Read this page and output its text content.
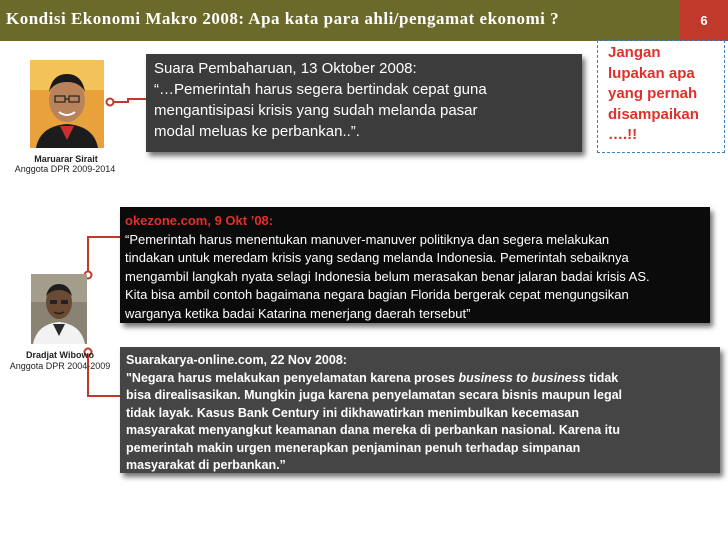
Kondisi Ekonomi Makro 2008: Apa kata para ahli/pengamat ekonomi ?	6
Maruarar Sirait
Anggota DPR 2009-2014
Dradjat Wibowo
Anggota DPR 2004-2009
Suara Pembaharuan, 13 Oktober 2008:
“…Pemerintah harus segera bertindak cepat guna
mengantisipasi krisis yang sudah melanda pasar
modal meluas ke perbankan..”.
okezone.com, 9 Okt ’08:
“Pemerintah harus menentukan manuver-manuver politiknya dan segera melakukan
tindakan untuk meredam krisis yang sedang melanda Indonesia. Pemerintah sebaiknya
mengambil langkah nyata selagi Indonesia belum merasakan benar jalaran badai krisis AS.
Kita bisa ambil contoh bagaimana negara bagian Florida bergerak cepat mengungsikan
warganya ketika badai Katarina menerjang daerah tersebut”
Suarakarya-online.com, 22 Nov 2008:
"Negara harus melakukan penyelamatan karena proses business to business tidak
bisa direalisasikan. Mungkin juga karena penyelamatan secara bisnis maupun legal
tidak layak. Kasus Bank Century ini dikhawatirkan menimbulkan kecemasan
masyarakat menyangkut keamanan dana mereka di perbankan nasional. Karena itu
pemerintah makin urgen menerapkan penjaminan penuh terhadap simpanan
masyarakat di perbankan.”
Jangan
lupakan apa
yang pernah
disampaikan
….!!
